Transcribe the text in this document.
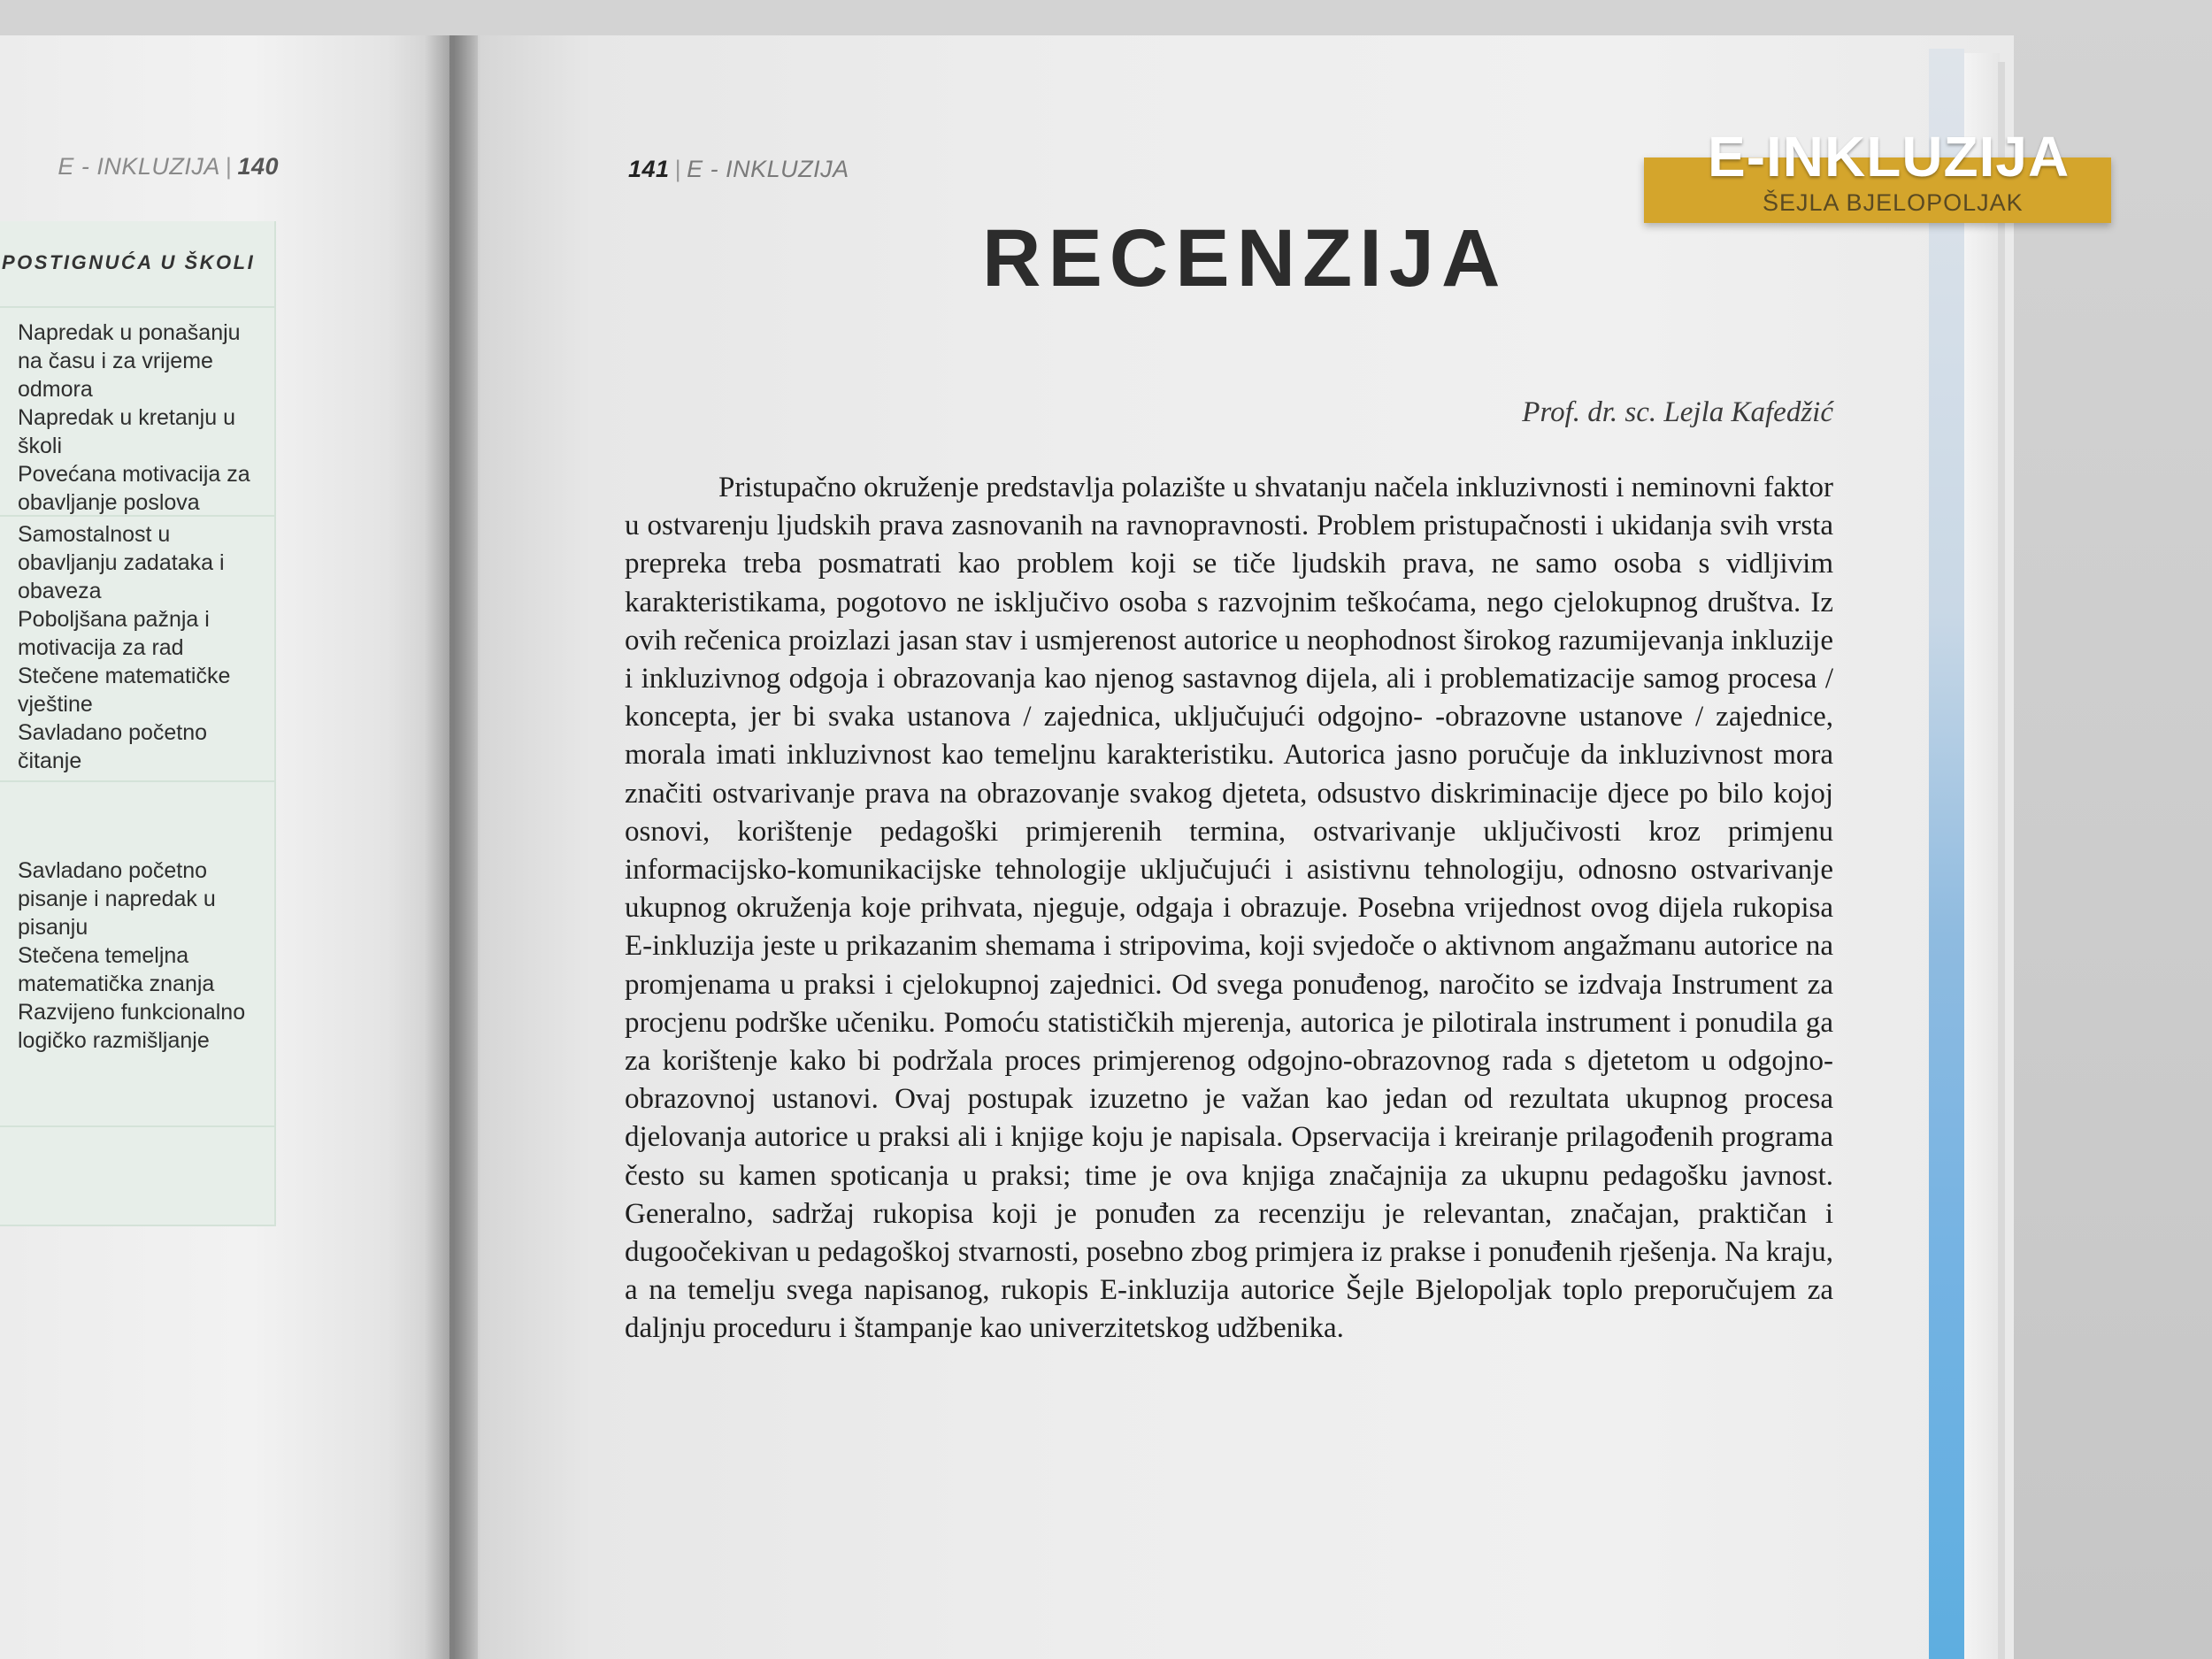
E - INKLUZIJA | 140
POSTIGNUĆA U ŠKOLI
Napredak u ponašanju na času i za vrijeme odmora
Napredak u kretanju u školi
Povećana motivacija za obavljanje poslova
Samostalnost u obavljanju zadataka i obaveza
Poboljšana pažnja i motivacija za rad
Stečene matematičke vještine
Savladano početno čitanje
Savladano početno pisanje i napredak u pisanju
Stečena temeljna matematička znanja
Razvijeno funkcionalno logičko razmišljanje
141 | E - INKLUZIJA
RECENZIJA
Prof. dr. sc. Lejla Kafedžić

Pristupačno okruženje predstavlja polazište u shvatanju načela inkluzivnosti i neminovni faktor u ostvarenju ljudskih prava zasnovanih na ravnopravnosti. Problem pristupačnosti i ukidanja svih vrsta prepreka treba posmatrati kao problem koji se tiče ljudskih prava, ne samo osoba s vidljivim karakteristikama, pogotovo ne isključivo osoba s razvojnim teškoćama, nego cjelokupnog društva. Iz ovih rečenica proizlazi jasan stav i usmjerenost autorice u neophodnost širokog razumijevanja inkluzije i inkluzivnog odgoja i obrazovanja kao njenog sastavnog dijela, ali i problematizacije samog procesa / koncepta, jer bi svaka ustanova / zajednica, uključujući odgojno- -obrazovne ustanove / zajednice, morala imati inkluzivnost kao temeljnu karakteristiku. Autorica jasno poručuje da inkluzivnost mora značiti ostvarivanje prava na obrazovanje svakog djeteta, odsustvo diskriminacije djece po bilo kojoj osnovi, korištenje pedagoški primjerenih termina, ostvarivanje uključivosti kroz primjenu informacijsko-komunikacijske tehnologije uključujući i asistivnu tehnologiju, odnosno ostvarivanje ukupnog okruženja koje prihvata, njeguje, odgaja i obrazuje. Posebna vrijednost ovog dijela rukopisa E-inkluzija jeste u prikazanim shemama i stripovima, koji svjedoče o aktivnom angažmanu autorice na promjenama u praksi i cjelokupnoj zajednici. Od svega ponuđenog, naročito se izdvaja Instrument za procjenu podrške učeniku. Pomoću statističkih mjerenja, autorica je pilotirala instrument i ponudila ga za korištenje kako bi podržala proces primjerenog odgojno-obrazovnog rada s djetetom u odgojno-obrazovnoj ustanovi. Ovaj postupak izuzetno je važan kao jedan od rezultata ukupnog procesa djelovanja autorice u praksi ali i knjige koju je napisala. Opservacija i kreiranje prilagođenih programa često su kamen spoticanja u praksi; time je ova knjiga značajnija za ukupnu pedagošku javnost. Generalno, sadržaj rukopisa koji je ponuđen za recenziju je relevantan, značajan, praktičan i dugoočekivan u pedagoškoj stvarnosti, posebno zbog primjera iz prakse i ponuđenih rješenja. Na kraju, a na temelju svega napisanog, rukopis E-inkluzija autorice Šejle Bjelopoljak toplo preporučujem za daljnju proceduru i štampanje kao univerzitetskog udžbenika.

E-INKLUZIJA
ŠEJLA BJELOPOLJAK
